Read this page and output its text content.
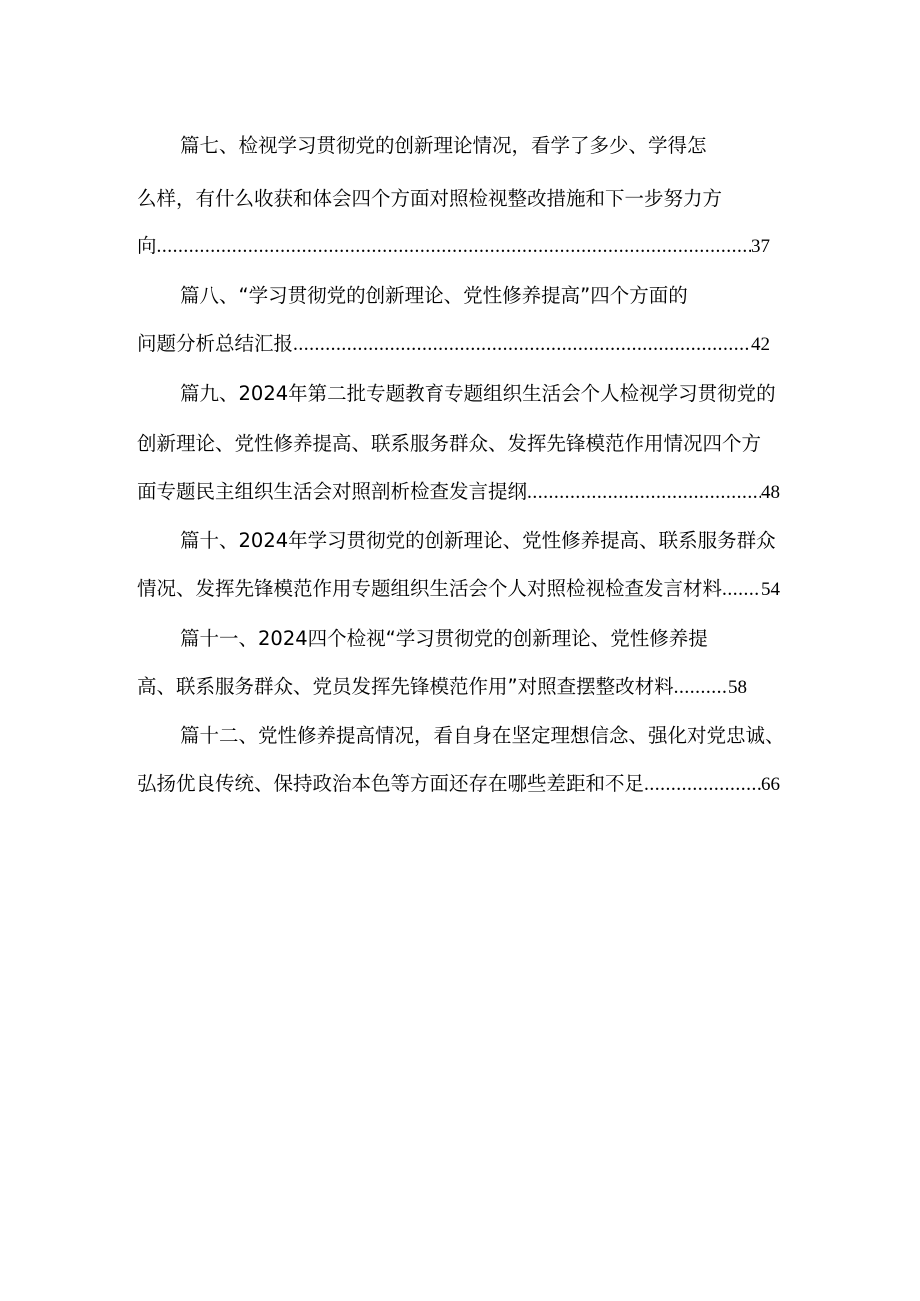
篇七、检视学习贯彻党的创新理论情况，看学了多少、学得怎
么样，有什么收获和体会四个方面对照检视整改措施和下一步努力方
向 .....	37
篇八、“学习贯彻党的创新理论、党性修养提高”四个方面的
问题分析总结汇报 .....	42
篇九、2024年第二批专题教育专题组织生活会个人检视学习贯彻党的
创新理论、党性修养提高、联系服务群众、发挥先锋模范作用情况四个方
面专题民主组织生活会对照剖析检查发言提纲 .....	48
篇十、2024年学习贯彻党的创新理论、党性修养提高、联系服务群众
情况、发挥先锋模范作用专题组织生活会个人对照检视检查发言材料 ..... 54
篇十一、2024四个检视“学习贯彻党的创新理论、党性修养提
高、联系服务群众、党员发挥先锋模范作用”对照查摆整改材料 .....	58
篇十二、党性修养提高情况，看自身在坚定理想信念、强化对党忠诚、
弘扬优良传统、保持政治本色等方面还存在哪些差距和不足 .....	66
